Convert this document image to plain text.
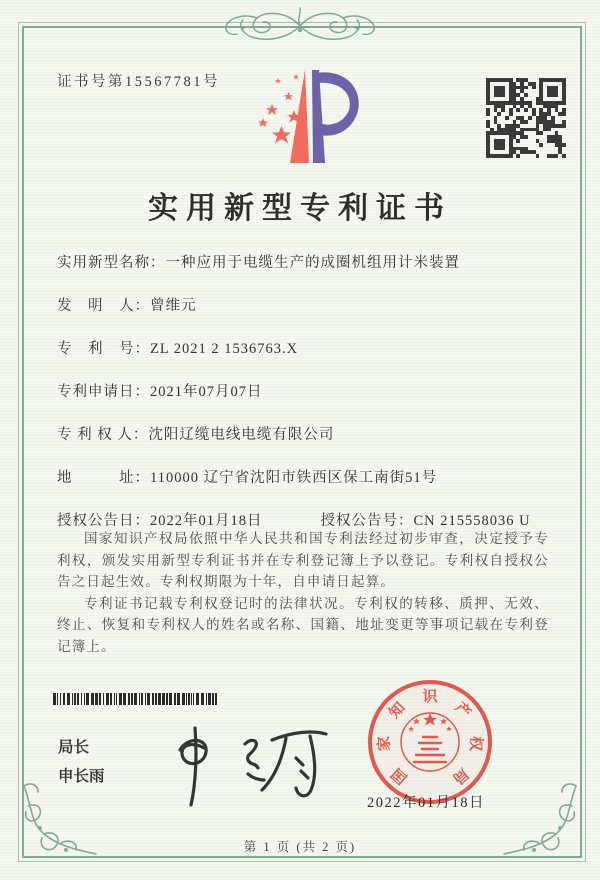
证书号第15567781号
实用新型专利证书
实用新型名称： 一种应用于电缆生产的成圈机组用计米装置
发　明　人： 曾维元
专　利　号： ZL 2021 2 1536763.X
专利申请日： 2021年07月07日
专 利 权 人： 沈阳辽缆电线电缆有限公司
地　　　址： 110000 辽宁省沈阳市铁西区保工南街51号
授权公告日： 2022年01月18日	授权公告号： CN 215558036 U

国家知识产权局依照中华人民共和国专利法经过初步审查，决定授予专利权，颁发实用新型专利证书并在专利登记簿上予以登记。专利权自授权公告之日起生效。专利权期限为十年，自申请日起算。

专利证书记载专利权登记时的法律状况。专利权的转移、质押、无效、终止、恢复和专利权人的姓名或名称、国籍、地址变更等事项记载在专利登记簿上。

局长
申长雨	国
家
知
识
产
权
局
2022年01月18日
第 1 页 (共 2 页)
